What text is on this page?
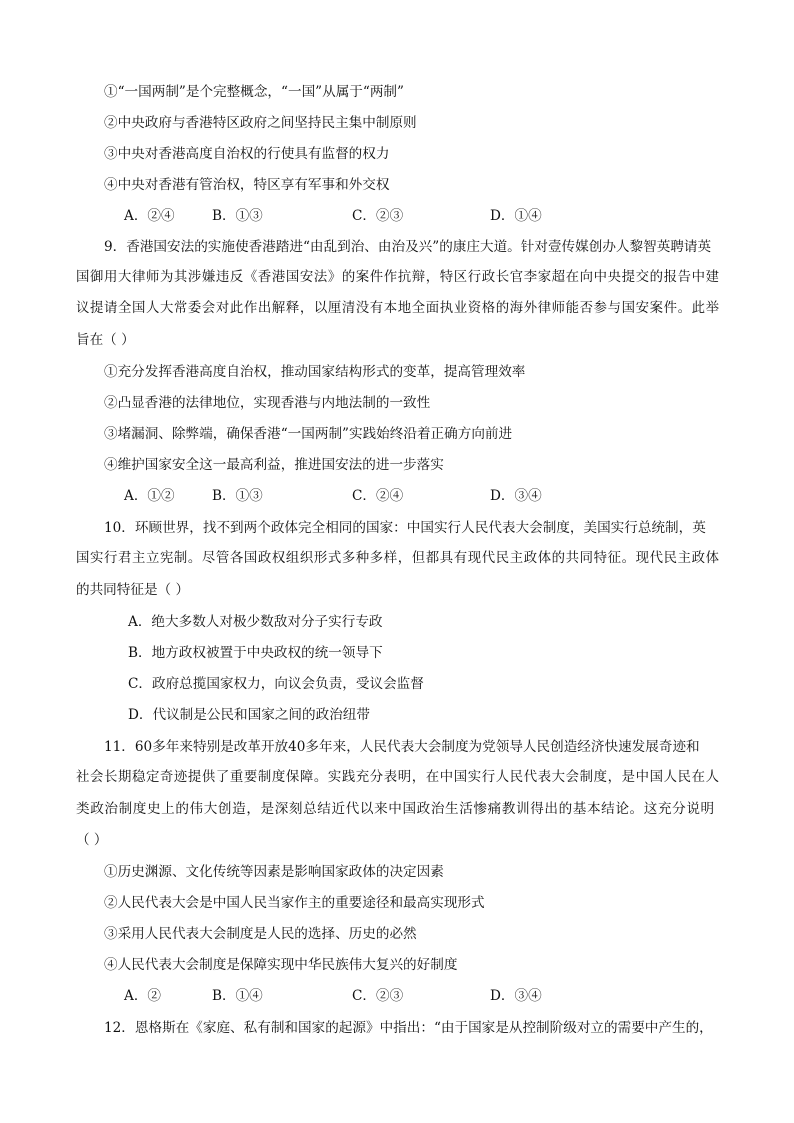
①“一国两制”是个完整概念，“一国”从属于“两制”
②中央政府与香港特区政府之间坚持民主集中制原则
③中央对香港高度自治权的行使具有监督的权力
④中央对香港有管治权，特区享有军事和外交权
A．②④	B．①③	C．②③	D．①④
9．香港国安法的实施使香港踏进“由乱到治、由治及兴”的康庄大道。针对壹传媒创办人黎智英聘请英
国御用大律师为其涉嫌违反《香港国安法》的案件作抗辩，特区行政长官李家超在向中央提交的报告中建
议提请全国人大常委会对此作出解释，以厘清没有本地全面执业资格的海外律师能否参与国安案件。此举
旨在（ ）
①充分发挥香港高度自治权，推动国家结构形式的变革，提高管理效率
②凸显香港的法律地位，实现香港与内地法制的一致性
③堵漏洞、除弊端，确保香港“一国两制”实践始终沿着正确方向前进
④维护国家安全这一最高利益，推进国安法的进一步落实
A．①②	B．①③	C．②④	D．③④
10．环顾世界，找不到两个政体完全相同的国家：中国实行人民代表大会制度，美国实行总统制，英
国实行君主立宪制。尽管各国政权组织形式多种多样，但都具有现代民主政体的共同特征。现代民主政体
的共同特征是（ ）
A．绝大多数人对极少数敌对分子实行专政
B．地方政权被置于中央政权的统一领导下
C．政府总揽国家权力，向议会负责，受议会监督
D．代议制是公民和国家之间的政治纽带
11．60多年来特别是改革开放40多年来，人民代表大会制度为党领导人民创造经济快速发展奇迹和
社会长期稳定奇迹提供了重要制度保障。实践充分表明，在中国实行人民代表大会制度，是中国人民在人
类政治制度史上的伟大创造，是深刻总结近代以来中国政治生活惨痛教训得出的基本结论。这充分说明
（ ）
①历史渊源、文化传统等因素是影响国家政体的决定因素
②人民代表大会是中国人民当家作主的重要途径和最高实现形式
③采用人民代表大会制度是人民的选择、历史的必然
④人民代表大会制度是保障实现中华民族伟大复兴的好制度
A．②	B．①④	C．②③	D．③④
12．恩格斯在《家庭、私有制和国家的起源》中指出：“由于国家是从控制阶级对立的需要中产生的，
